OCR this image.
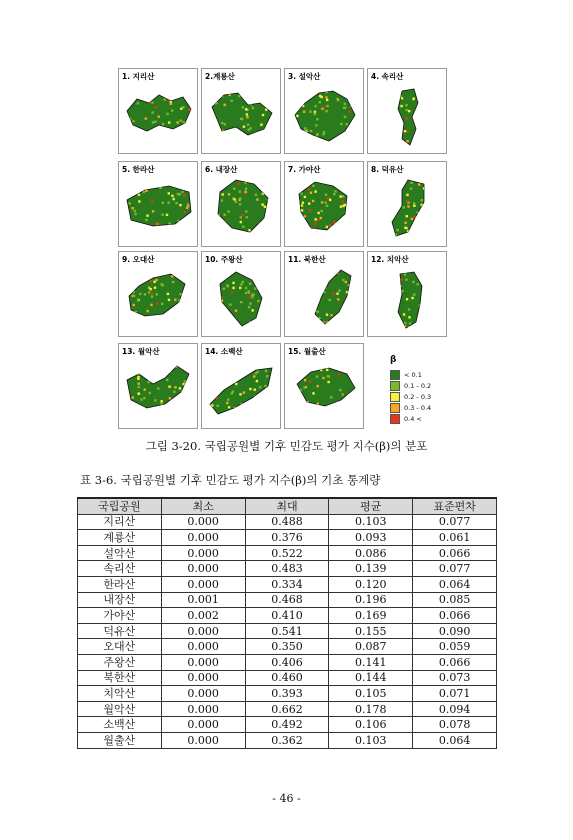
1. 지리산	2.계룡산	3. 설악산	4. 속리산
5. 한라산	6. 내장산	7. 가야산	8. 덕유산
9. 오대산	10. 주왕산	11. 북한산	12. 치악산
13. 월악산	14. 소백산	15. 월출산
β
< 0.1
0.1 - 0.2
0.2 - 0.3
0.3 - 0.4
0.4 <
그림 3-20. 국립공원별 기후 민감도 평가 지수(β)의 분포
표 3-6. 국립공원별 기후 민감도 평가 지수(β)의 기초 통계량
국립공원	최소	최대	평균	표준편차
지리산	0.000	0.488	0.103	0.077
계룡산	0.000	0.376	0.093	0.061
설악산	0.000	0.522	0.086	0.066
속리산	0.000	0.483	0.139	0.077
한라산	0.000	0.334	0.120	0.064
내장산	0.001	0.468	0.196	0.085
가야산	0.002	0.410	0.169	0.066
덕유산	0.000	0.541	0.155	0.090
오대산	0.000	0.350	0.087	0.059
주왕산	0.000	0.406	0.141	0.066
북한산	0.000	0.460	0.144	0.073
치악산	0.000	0.393	0.105	0.071
월악산	0.000	0.662	0.178	0.094
소백산	0.000	0.492	0.106	0.078
월출산	0.000	0.362	0.103	0.064
- 46 -
